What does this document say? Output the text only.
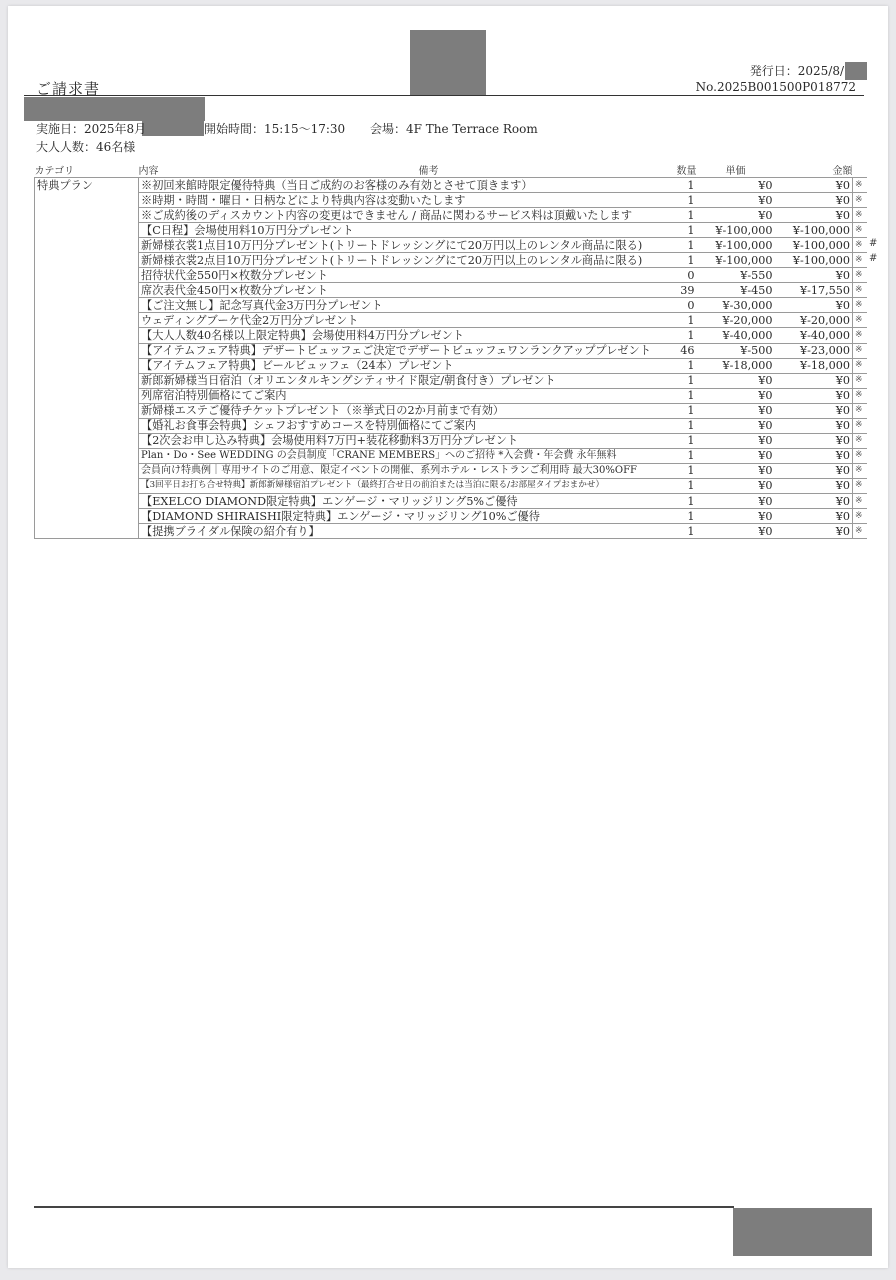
ご請求書
発行日：2025/8/
No.2025B001500P018772
実施日：2025年8月	開始時間：15:15～17:30 会場：4F The Terrace Room
大人人数：46名様
カテゴリ	内容 備考	数量	単価	金額	
特典プラン	※初回来館時限定優待特典（当日ご成約のお客様のみ有効とさせて頂きます）	1	¥0	¥0	※
	※時期・時間・曜日・日柄などにより特典内容は変動いたします	1	¥0	¥0	※
	※ご成約後のディスカウント内容の変更はできません / 商品に関わるサービス料は頂戴いたします	1	¥0	¥0	※
	【C日程】会場使用料10万円分プレゼント	1	¥-100,000	¥-100,000	※
	新婦様衣裳1点目10万円分プレゼント(トリートドレッシングにて20万円以上のレンタル商品に限る)	1	¥-100,000	¥-100,000	※
	新婦様衣裳2点目10万円分プレゼント(トリートドレッシングにて20万円以上のレンタル商品に限る)	1	¥-100,000	¥-100,000	※
	招待状代金550円×枚数分プレゼント	0	¥-550	¥0	※
	席次表代金450円×枚数分プレゼント	39	¥-450	¥-17,550	※
	【ご注文無し】記念写真代金3万円分プレゼント	0	¥-30,000	¥0	※
	ウェディングブーケ代金2万円分プレゼント	1	¥-20,000	¥-20,000	※
	【大人人数40名様以上限定特典】会場使用料4万円分プレゼント	1	¥-40,000	¥-40,000	※
	【アイテムフェア特典】デザートビュッフェご決定でデザートビュッフェワンランクアッププレゼント	46	¥-500	¥-23,000	※
	【アイテムフェア特典】ビールビュッフェ（24本）プレゼント	1	¥-18,000	¥-18,000	※
	新郎新婦様当日宿泊（オリエンタルキングシティサイド限定/朝食付き）プレゼント	1	¥0	¥0	※
	列席宿泊特別価格にてご案内	1	¥0	¥0	※
	新婦様エステご優待チケットプレゼント（※挙式日の2か月前まで有効）	1	¥0	¥0	※
	【婚礼お食事会特典】シェフおすすめコースを特別価格にてご案内	1	¥0	¥0	※
	【2次会お申し込み特典】会場使用料7万円+装花移動料3万円分プレゼント	1	¥0	¥0	※
	Plan・Do・See WEDDING の会員制度「CRANE MEMBERS」へのご招待 *入会費・年会費 永年無料	1	¥0	¥0	※
	会員向け特典例｜専用サイトのご用意、限定イベントの開催、系列ホテル・レストランご利用時 最大30%OFF	1	¥0	¥0	※
	【3回平日お打ち合せ特典】新郎新婦様宿泊プレゼント（最終打合せ日の前泊または当泊に限る/お部屋タイプおまかせ）	1	¥0	¥0	※
	【EXELCO DIAMOND限定特典】エンゲージ・マリッジリング5%ご優待	1	¥0	¥0	※
	【DIAMOND SHIRAISHI限定特典】エンゲージ・マリッジリング10%ご優待	1	¥0	¥0	※
	【提携ブライダル保険の紹介有り】	1	¥0	¥0	※
#
#
